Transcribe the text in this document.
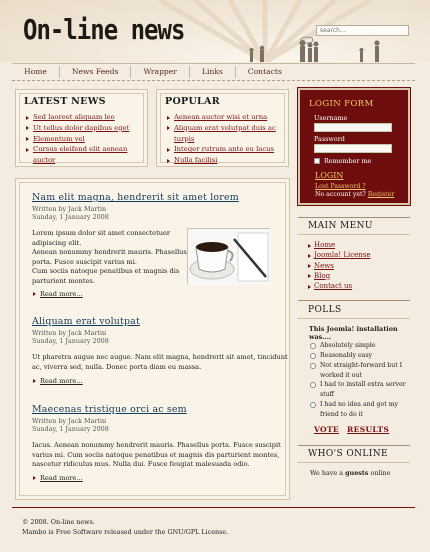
On-line news
search...
Home	News Feeds	Wrapper	Links	Contacts
LATEST NEWS
Sed laoreet aliquam leo
Ut tellus dolor dapibus eget
Elementum vel
Cursus eleifend elit aenean auctor
POPULAR
Aenean auctor wisi et urna
Aliquam erat volutpat duis ac turpis
Integer rutrum ante eu lacus
Nulla facilisi
LOGIN FORM
Username
Password
Remember me
LOGIN
Lost Password ?
No account yet? Register
Nam elit magna, hendrerit sit amet lorem
Written by Jack Martin
Sunday, 1 January 2008
Lorem ipsum dolor sit amet consectetuer
adipiscing elit.
Aenean nonummy hendrerit mauris. Phasellus
porta. Fusce suscipit varius mi.
Cum sociis natoque penatibus et magnis dis
parturient montes.
Read more...
Aliquam erat volutpat
Written by Jack Martin
Sunday, 1 January 2008
Ut pharetra augue nec augue. Nam elit magna, hendrerit sit amet, tincidunt
ac, viverra sed, nulla. Donec porta diam eu massa.
Read more...
Maecenas tristique orci ac sem
Written by Jack Martin
Sunday, 1 January 2008
Iacus. Aenean nonummy hendrerit mauris. Phasellus porta. Fusce suscipit
varius mi. Cum sociis natoque penatibus et magnis dis parturient montes,
nascetur ridiculus mus. Nulla dui. Fusce feugiat malesuada odio.
Read more...
MAIN MENU
Home
Joomla! License
News
Blog
Contact us
POLLS
This Joomla! installation was....
Absolutely simple
Reasonably easy
Not straight-forward but I worked it out
I had to install extra server stuff
I had no idea and got my friend to do it
VOTE RESULTS
WHO'S ONLINE
We have a guests online

© 2008. On-line news.

Mambo is Free Software released under the GNU/GPL License.
